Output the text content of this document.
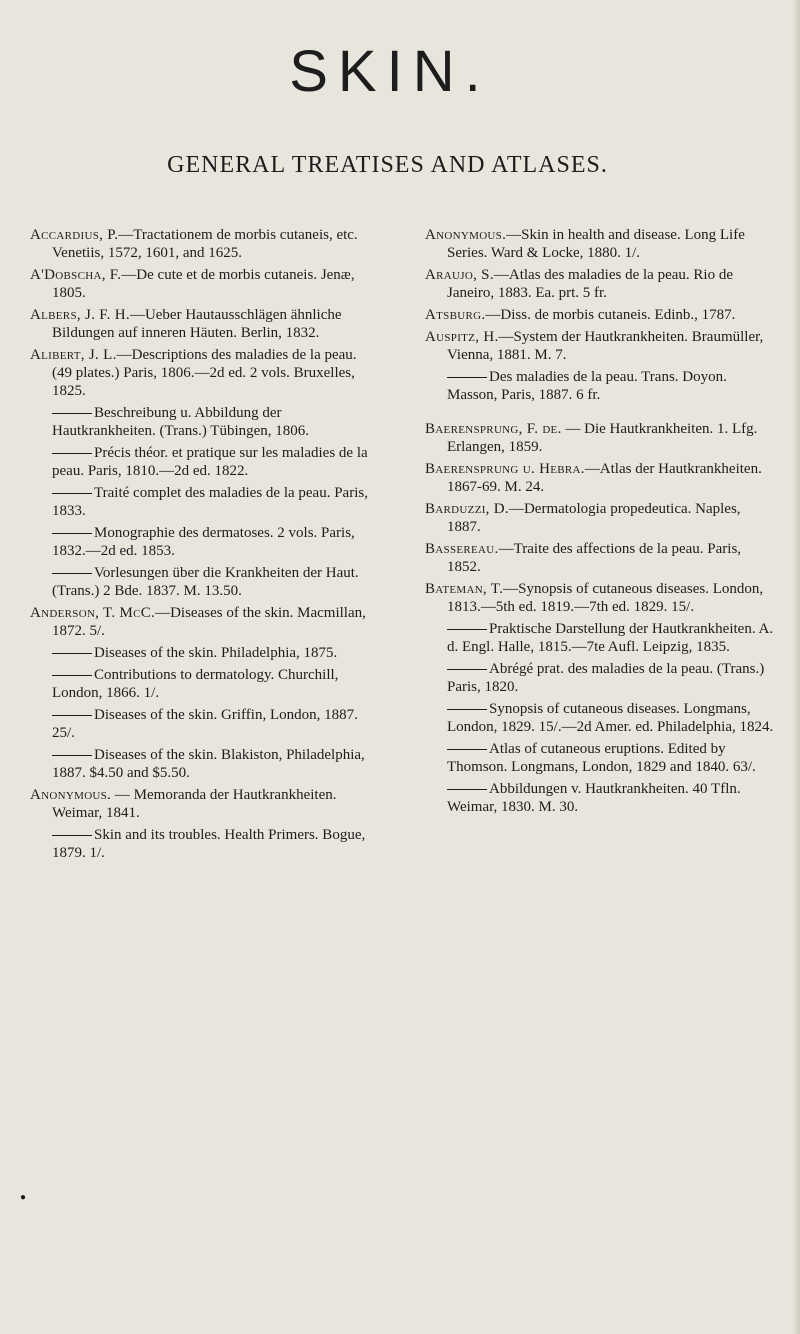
SKIN.
GENERAL TREATISES AND ATLASES.
Accardius, P.—Tractationem de morbis cutaneis, etc. Venetiis, 1572, 1601, and 1625.
A'Dobscha, F.—De cute et de morbis cutaneis. Jenæ, 1805.
Albers, J. F. H.—Ueber Hautausschlägen ähnliche Bildungen auf inneren Häuten. Berlin, 1832.
Alibert, J. L.—Descriptions des maladies de la peau. (49 plates.) Paris, 1806.—2d ed. 2 vols. Bruxelles, 1825.
Beschreibung u. Abbildung der Hautkrankheiten. (Trans.) Tübingen, 1806.
Précis théor. et pratique sur les maladies de la peau. Paris, 1810.—2d ed. 1822.
Traité complet des maladies de la peau. Paris, 1833.
Monographie des dermatoses. 2 vols. Paris, 1832.—2d ed. 1853.
Vorlesungen über die Krankheiten der Haut. (Trans.) 2 Bde. 1837. M. 13.50.
Anderson, T. McC.—Diseases of the skin. Macmillan, 1872. 5/.
Diseases of the skin. Philadelphia, 1875.
Contributions to dermatology. Churchill, London, 1866. 1/.
Diseases of the skin. Griffin, London, 1887. 25/.
Diseases of the skin. Blakiston, Philadelphia, 1887. $4.50 and $5.50.
Anonymous. — Memoranda der Hautkrankheiten. Weimar, 1841.
Skin and its troubles. Health Primers. Bogue, 1879. 1/.
Anonymous.—Skin in health and disease. Long Life Series. Ward & Locke, 1880. 1/.
Araujo, S.—Atlas des maladies de la peau. Rio de Janeiro, 1883. Ea. prt. 5 fr.
Atsburg.—Diss. de morbis cutaneis. Edinb., 1787.
Auspitz, H.—System der Hautkrankheiten. Braumüller, Vienna, 1881. M. 7.
Des maladies de la peau. Trans. Doyon. Masson, Paris, 1887. 6 fr.
Baerensprung, F. de. — Die Hautkrankheiten. 1. Lfg. Erlangen, 1859.
Baerensprung u. Hebra.—Atlas der Hautkrankheiten. 1867-69. M. 24.
Barduzzi, D.—Dermatologia propedeutica. Naples, 1887.
Bassereau.—Traite des affections de la peau. Paris, 1852.
Bateman, T.—Synopsis of cutaneous diseases. London, 1813.—5th ed. 1819.—7th ed. 1829. 15/.
Praktische Darstellung der Hautkrankheiten. A. d. Engl. Halle, 1815.—7te Aufl. Leipzig, 1835.
Abrégé prat. des maladies de la peau. (Trans.) Paris, 1820.
Synopsis of cutaneous diseases. Longmans, London, 1829. 15/.—2d Amer. ed. Philadelphia, 1824.
Atlas of cutaneous eruptions. Edited by Thomson. Longmans, London, 1829 and 1840. 63/.
Abbildungen v. Hautkrankheiten. 40 Tfln. Weimar, 1830. M. 30.
●
